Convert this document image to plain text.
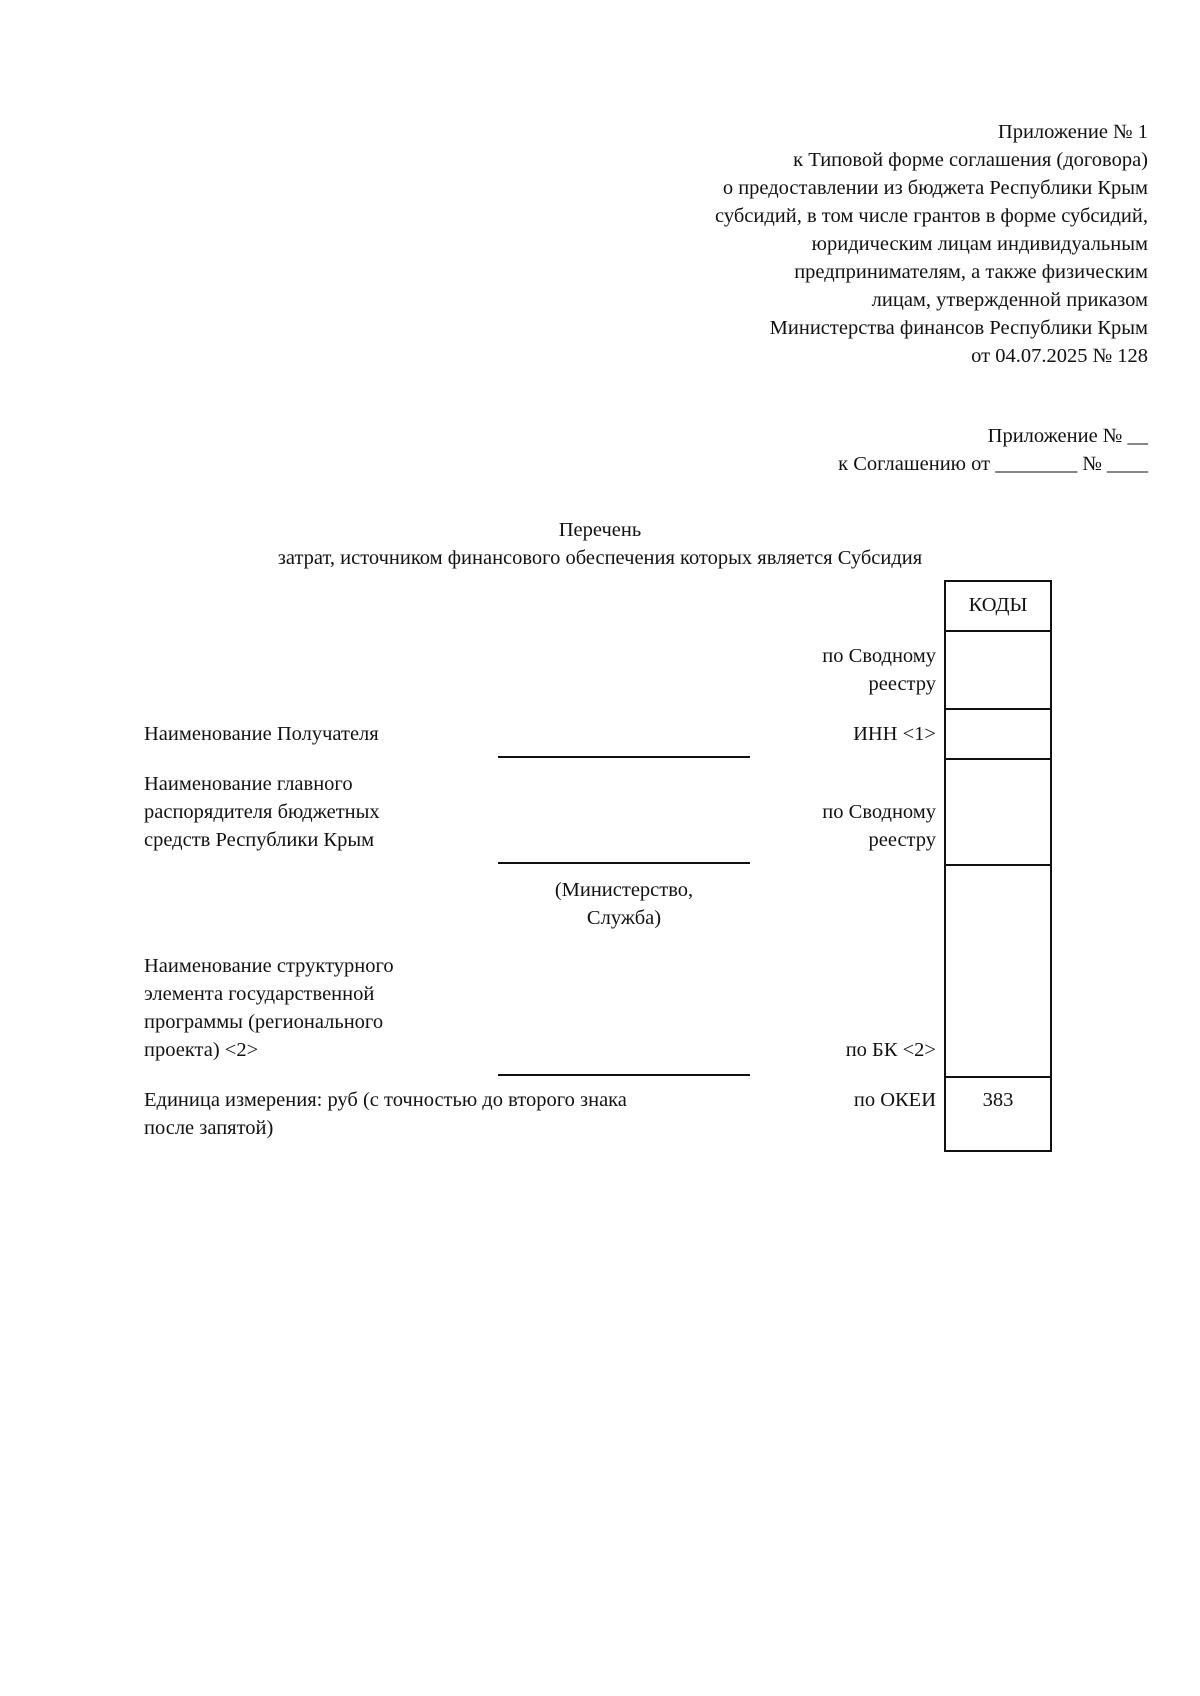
Приложение № 1
к Типовой форме соглашения (договора)
о предоставлении из бюджета Республики Крым
субсидий, в том числе грантов в форме субсидий,
юридическим лицам индивидуальным
предпринимателям, а также физическим
лицам, утвержденной приказом
Министерства финансов Республики Крым
от 04.07.2025 № 128
Приложение № __
к Соглашению от ________ № ____
Перечень
затрат, источником финансового обеспечения которых является Субсидия
КОДЫ
383
по Сводному
реестру
Наименование Получателя	ИНН <1>
Наименование главного
распорядителя бюджетных
средств Республики Крым
по Сводному
реестру
(Министерство,
Служба)
Наименование структурного
элемента государственной
программы (регионального
проекта) <2>	по БК <2>
Единица измерения: руб (с точностью до второго знака
после запятой)
по ОКЕИ
